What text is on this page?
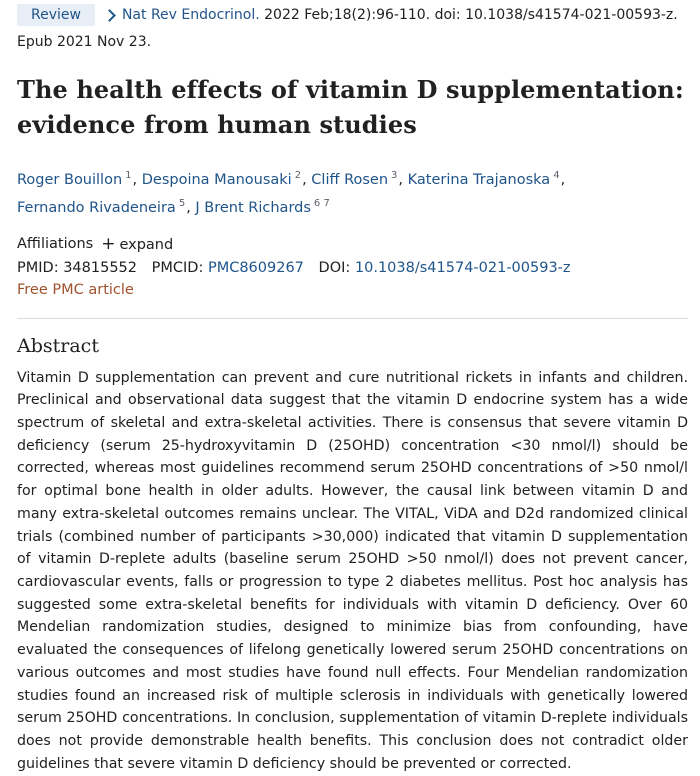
Review	Nat Rev Endocrinol. 2022 Feb;18(2):96-110. doi: 10.1038/s41574-021-00593-z.
Epub 2021 Nov 23.
The health effects of vitamin D supplementation:
evidence from human studies
Roger Bouillon $^1$, Despoina Manousaki $^2$, Cliff Rosen $^3$, Katerina Trajanoska $^4$,
Fernando Rivadeneira $^5$, J Brent Richards $^{6 7}$
Affiliations + expand
PMID: 34815552 PMCID: PMC8609267 DOI: 10.1038/s41574-021-00593-z
Free PMC article
Abstract

Vitamin D supplementation can prevent and cure nutritional rickets in infants and children. Preclinical and observational data suggest that the vitamin D endocrine system has a wide spectrum of skeletal and extra-skeletal activities. There is consensus that severe vitamin D deficiency (serum 25-hydroxyvitamin D (25OHD) concentration <30 nmol/l) should be corrected, whereas most guidelines recommend serum 25OHD concentrations of >50 nmol/l for optimal bone health in older adults. However, the causal link between vitamin D and many extra-skeletal outcomes remains unclear. The VITAL, ViDA and D2d randomized clinical trials (combined number of participants >30,000) indicated that vitamin D supplementation of vitamin D-replete adults (baseline serum 25OHD >50 nmol/l) does not prevent cancer, cardiovascular events, falls or progression to type 2 diabetes mellitus. Post hoc analysis has suggested some extra-skeletal benefits for individuals with vitamin D deficiency. Over 60 Mendelian randomization studies, designed to minimize bias from confounding, have evaluated the consequences of lifelong genetically lowered serum 25OHD concentrations on various outcomes and most studies have found null effects. Four Mendelian randomization studies found an increased risk of multiple sclerosis in individuals with genetically lowered serum 25OHD concentrations. In conclusion, supplementation of vitamin D-replete individuals does not provide demonstrable health benefits. This conclusion does not contradict older guidelines that severe vitamin D deficiency should be prevented or corrected.
